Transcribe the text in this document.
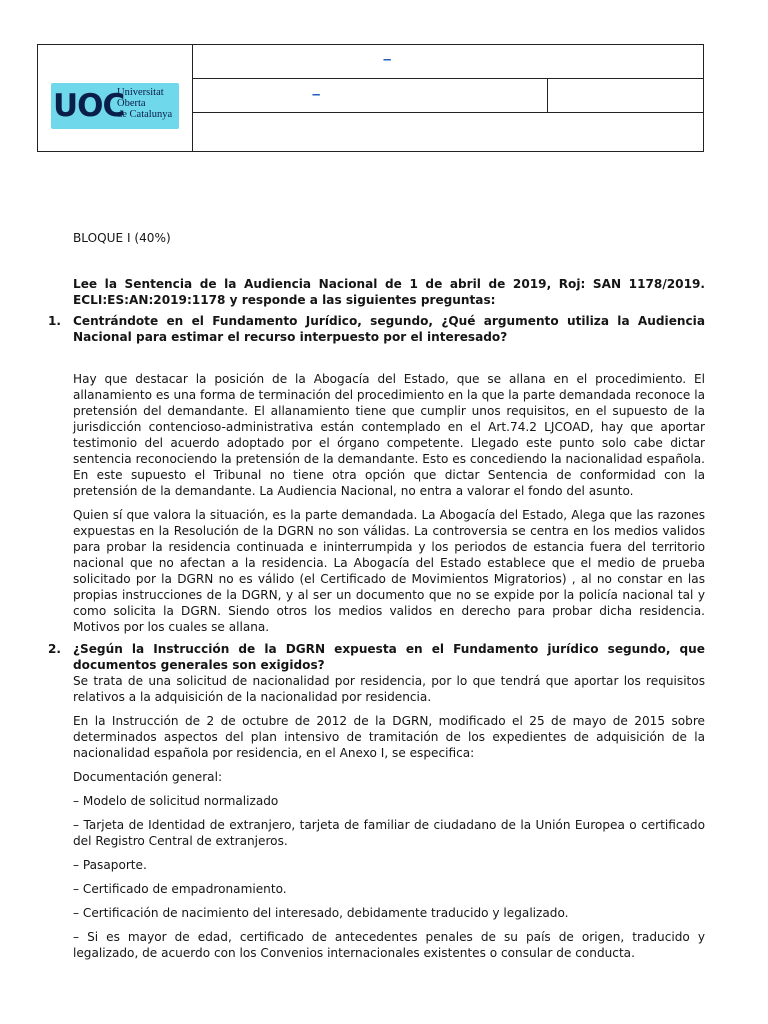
UOC
Universitat
Oberta
de Catalunya
–
–

BLOQUE I (40%)

Lee la Sentencia de la Audiencia Nacional de 1 de abril de 2019, Roj: SAN 1178/2019. ECLI:ES:AN:2019:1178 y responde a las siguientes preguntas:

1. Centrándote en el Fundamento Jurídico, segundo, ¿Qué argumento utiliza la Audiencia Nacional para estimar el recurso interpuesto por el interesado?

Hay que destacar la posición de la Abogacía del Estado, que se allana en el procedimiento. El allanamiento es una forma de terminación del procedimiento en la que la parte demandada reconoce la pretensión del demandante. El allanamiento tiene que cumplir unos requisitos, en el supuesto de la jurisdicción contencioso-administrativa están contemplado en el Art.74.2 LJCOAD, hay que aportar testimonio del acuerdo adoptado por el órgano competente. Llegado este punto solo cabe dictar sentencia reconociendo la pretensión de la demandante. Esto es concediendo la nacionalidad española. En este supuesto el Tribunal no tiene otra opción que dictar Sentencia de conformidad con la pretensión de la demandante. La Audiencia Nacional, no entra a valorar el fondo del asunto.

Quien sí que valora la situación, es la parte demandada. La Abogacía del Estado, Alega que las razones expuestas en la Resolución de la DGRN no son válidas. La controversia se centra en los medios validos para probar la residencia continuada e ininterrumpida y los periodos de estancia fuera del territorio nacional que no afectan a la residencia. La Abogacía del Estado establece que el medio de prueba solicitado por la DGRN no es válido (el Certificado de Movimientos Migratorios) , al no constar en las propias instrucciones de la DGRN, y al ser un documento que no se expide por la policía nacional tal y como solicita la DGRN. Siendo otros los medios validos en derecho para probar dicha residencia. Motivos por los cuales se allana.

2. ¿Según la Instrucción de la DGRN expuesta en el Fundamento jurídico segundo, que documentos generales son exigidos?

Se trata de una solicitud de nacionalidad por residencia, por lo que tendrá que aportar los requisitos relativos a la adquisición de la nacionalidad por residencia.

En la Instrucción de 2 de octubre de 2012 de la DGRN, modificado el 25 de mayo de 2015 sobre determinados aspectos del plan intensivo de tramitación de los expedientes de adquisición de la nacionalidad española por residencia, en el Anexo I, se especifica:

Documentación general:

– Modelo de solicitud normalizado

– Tarjeta de Identidad de extranjero, tarjeta de familiar de ciudadano de la Unión Europea o certificado del Registro Central de extranjeros.

– Pasaporte.

– Certificado de empadronamiento.

– Certificación de nacimiento del interesado, debidamente traducido y legalizado.

– Si es mayor de edad, certificado de antecedentes penales de su país de origen, traducido y legalizado, de acuerdo con los Convenios internacionales existentes o consular de conducta.
